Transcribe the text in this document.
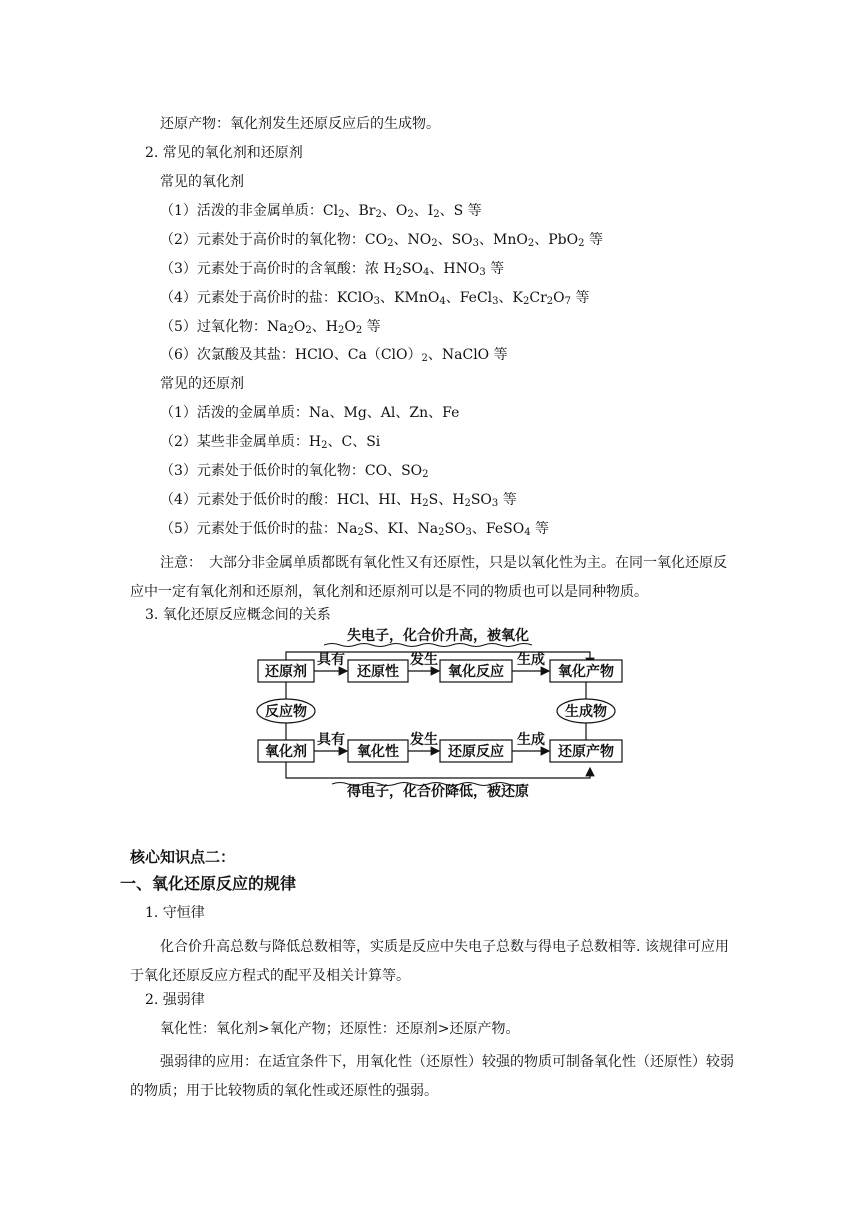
还原产物：氧化剂发生还原反应后的生成物。
2. 常见的氧化剂和还原剂
常见的氧化剂
（1）活泼的非金属单质：$Cl_2$、$Br_2$、$O_2$、$I_2$、S 等
（2）元素处于高价时的氧化物：$CO_2$、$NO_2$、$SO_3$、MnO$_2$、PbO$_2$ 等
（3）元素处于高价时的含氧酸：浓 $H_2SO_4$、$HNO_3$ 等
（4）元素处于高价时的盐：KClO$_3$、KMnO$_4$、FeCl$_3$、$K_2Cr_2O_7$ 等
（5）过氧化物：$Na_2O_2$、$H_2O_2$ 等
（6）次氯酸及其盐：HClO、$Ca(ClO)_2$、NaClO 等
常见的还原剂
（1）活泼的金属单质：Na、Mg、Al、Zn、Fe
（2）某些非金属单质：$H_2$、C、Si
（3）元素处于低价时的氧化物：CO、$SO_2$
（4）元素处于低价时的酸：HCl、HI、$H_2S$、$H_2SO_3$ 等
（5）元素处于低价时的盐：$Na_2S$、KI、$Na_2SO_3$、FeSO$_4$ 等
注意：　大部分非金属单质都既有氧化性又有还原性，只是以氧化性为主。在同一氧化还原反应中一定有氧化剂和还原剂，氧化剂和还原剂可以是不同的物质也可以是同种物质。
3. 氧化还原反应概念间的关系
失电子，化合价升高，被氧化
还原剂	还原性	氧化反应	氧化产物
具有	发生	生成
反应物	生成物
氧化剂	氧化性	还原反应	还原产物
具有	发生	生成
得电子，化合价降低，被还原
核心知识点二：
一、氧化还原反应的规律
1. 守恒律
化合价升高总数与降低总数相等，实质是反应中失电子总数与得电子总数相等. 该规律可应用于氧化还原反应方程式的配平及相关计算等。
2. 强弱律
氧化性：氧化剂>氧化产物；还原性：还原剂>还原产物。
强弱律的应用：在适宜条件下，用氧化性（还原性）较强的物质可制备氧化性（还原性）较弱的物质；用于比较物质的氧化性或还原性的强弱。
